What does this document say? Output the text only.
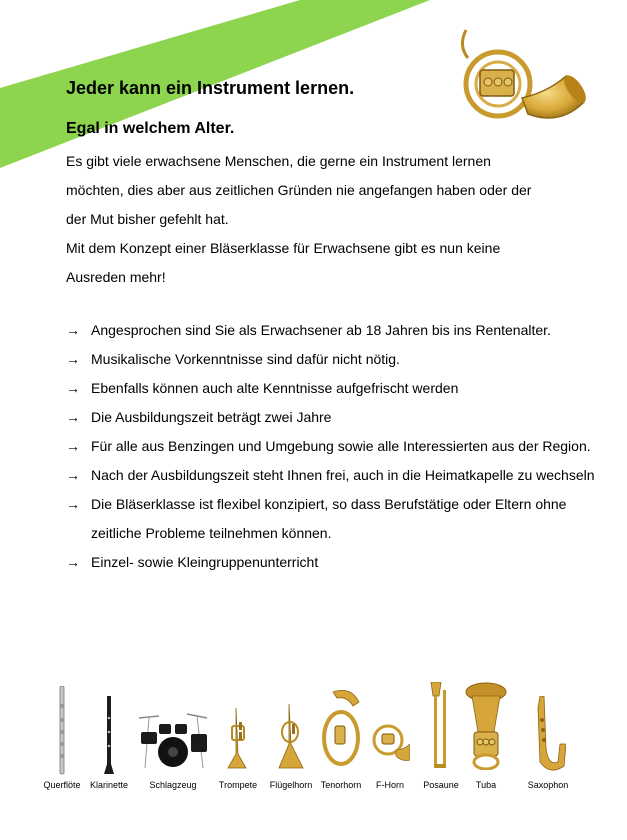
Jeder kann ein Instrument lernen.
Egal in welchem Alter.

Es gibt viele erwachsene Menschen, die gerne ein Instrument lernen

möchten, dies aber aus zeitlichen Gründen nie angefangen haben oder der

der Mut bisher gefehlt hat.

Mit dem Konzept einer Bläserklasse für Erwachsene gibt es nun keine

Ausreden mehr!

→ Angesprochen sind Sie als Erwachsener ab 18 Jahren bis ins Rentenalter.
→ Musikalische Vorkenntnisse sind dafür nicht nötig.
→ Ebenfalls können auch alte Kenntnisse aufgefrischt werden
→ Die Ausbildungszeit beträgt zwei Jahre
→ Für alle aus Benzingen und Umgebung sowie alle Interessierten aus der Region.
→ Nach der Ausbildungszeit steht Ihnen frei, auch in die Heimatkapelle zu wechseln
→ Die Bläserklasse ist flexibel konzipiert, so dass Berufstätige oder Eltern ohne zeitliche Probleme teilnehmen können.
→ Einzel- sowie Kleingruppenunterricht
Querflöte Klarinette Schlagzeug Trompete Flügelhorn Tenorhorn F-Horn Posaune Tuba	Saxophon
